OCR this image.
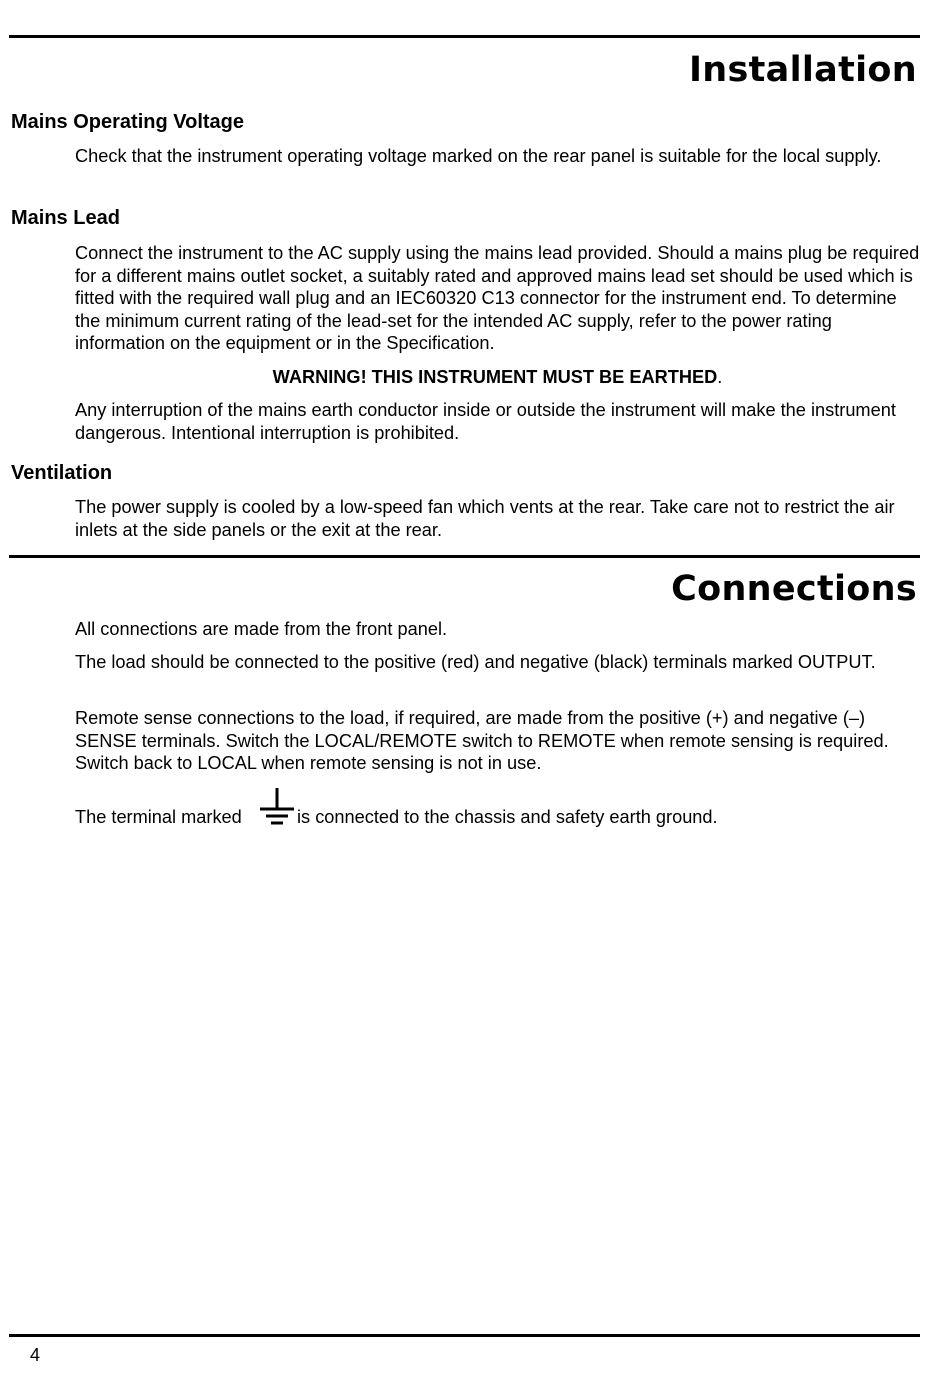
Installation
Mains Operating Voltage
Check that the instrument operating voltage marked on the rear panel is suitable for the local supply.
Mains Lead
Connect the instrument to the AC supply using the mains lead provided. Should a mains plug be required for a different mains outlet socket, a suitably rated and approved mains lead set should be used which is fitted with the required wall plug and an IEC60320 C13 connector for the instrument end. To determine the minimum current rating of the lead-set for the intended AC supply, refer to the power rating information on the equipment or in the Specification.
WARNING! THIS INSTRUMENT MUST BE EARTHED.
Any interruption of the mains earth conductor inside or outside the instrument will make the instrument dangerous. Intentional interruption is prohibited.
Ventilation
The power supply is cooled by a low-speed fan which vents at the rear. Take care not to restrict the air inlets at the side panels or the exit at the rear.
Connections
All connections are made from the front panel.
The load should be connected to the positive (red) and negative (black) terminals marked OUTPUT.
Remote sense connections to the load, if required, are made from the positive (+) and negative (–) SENSE terminals. Switch the LOCAL/REMOTE switch to REMOTE when remote sensing is required. Switch back to LOCAL when remote sensing is not in use.
The terminal marked	is connected to the chassis and safety earth ground.
4
